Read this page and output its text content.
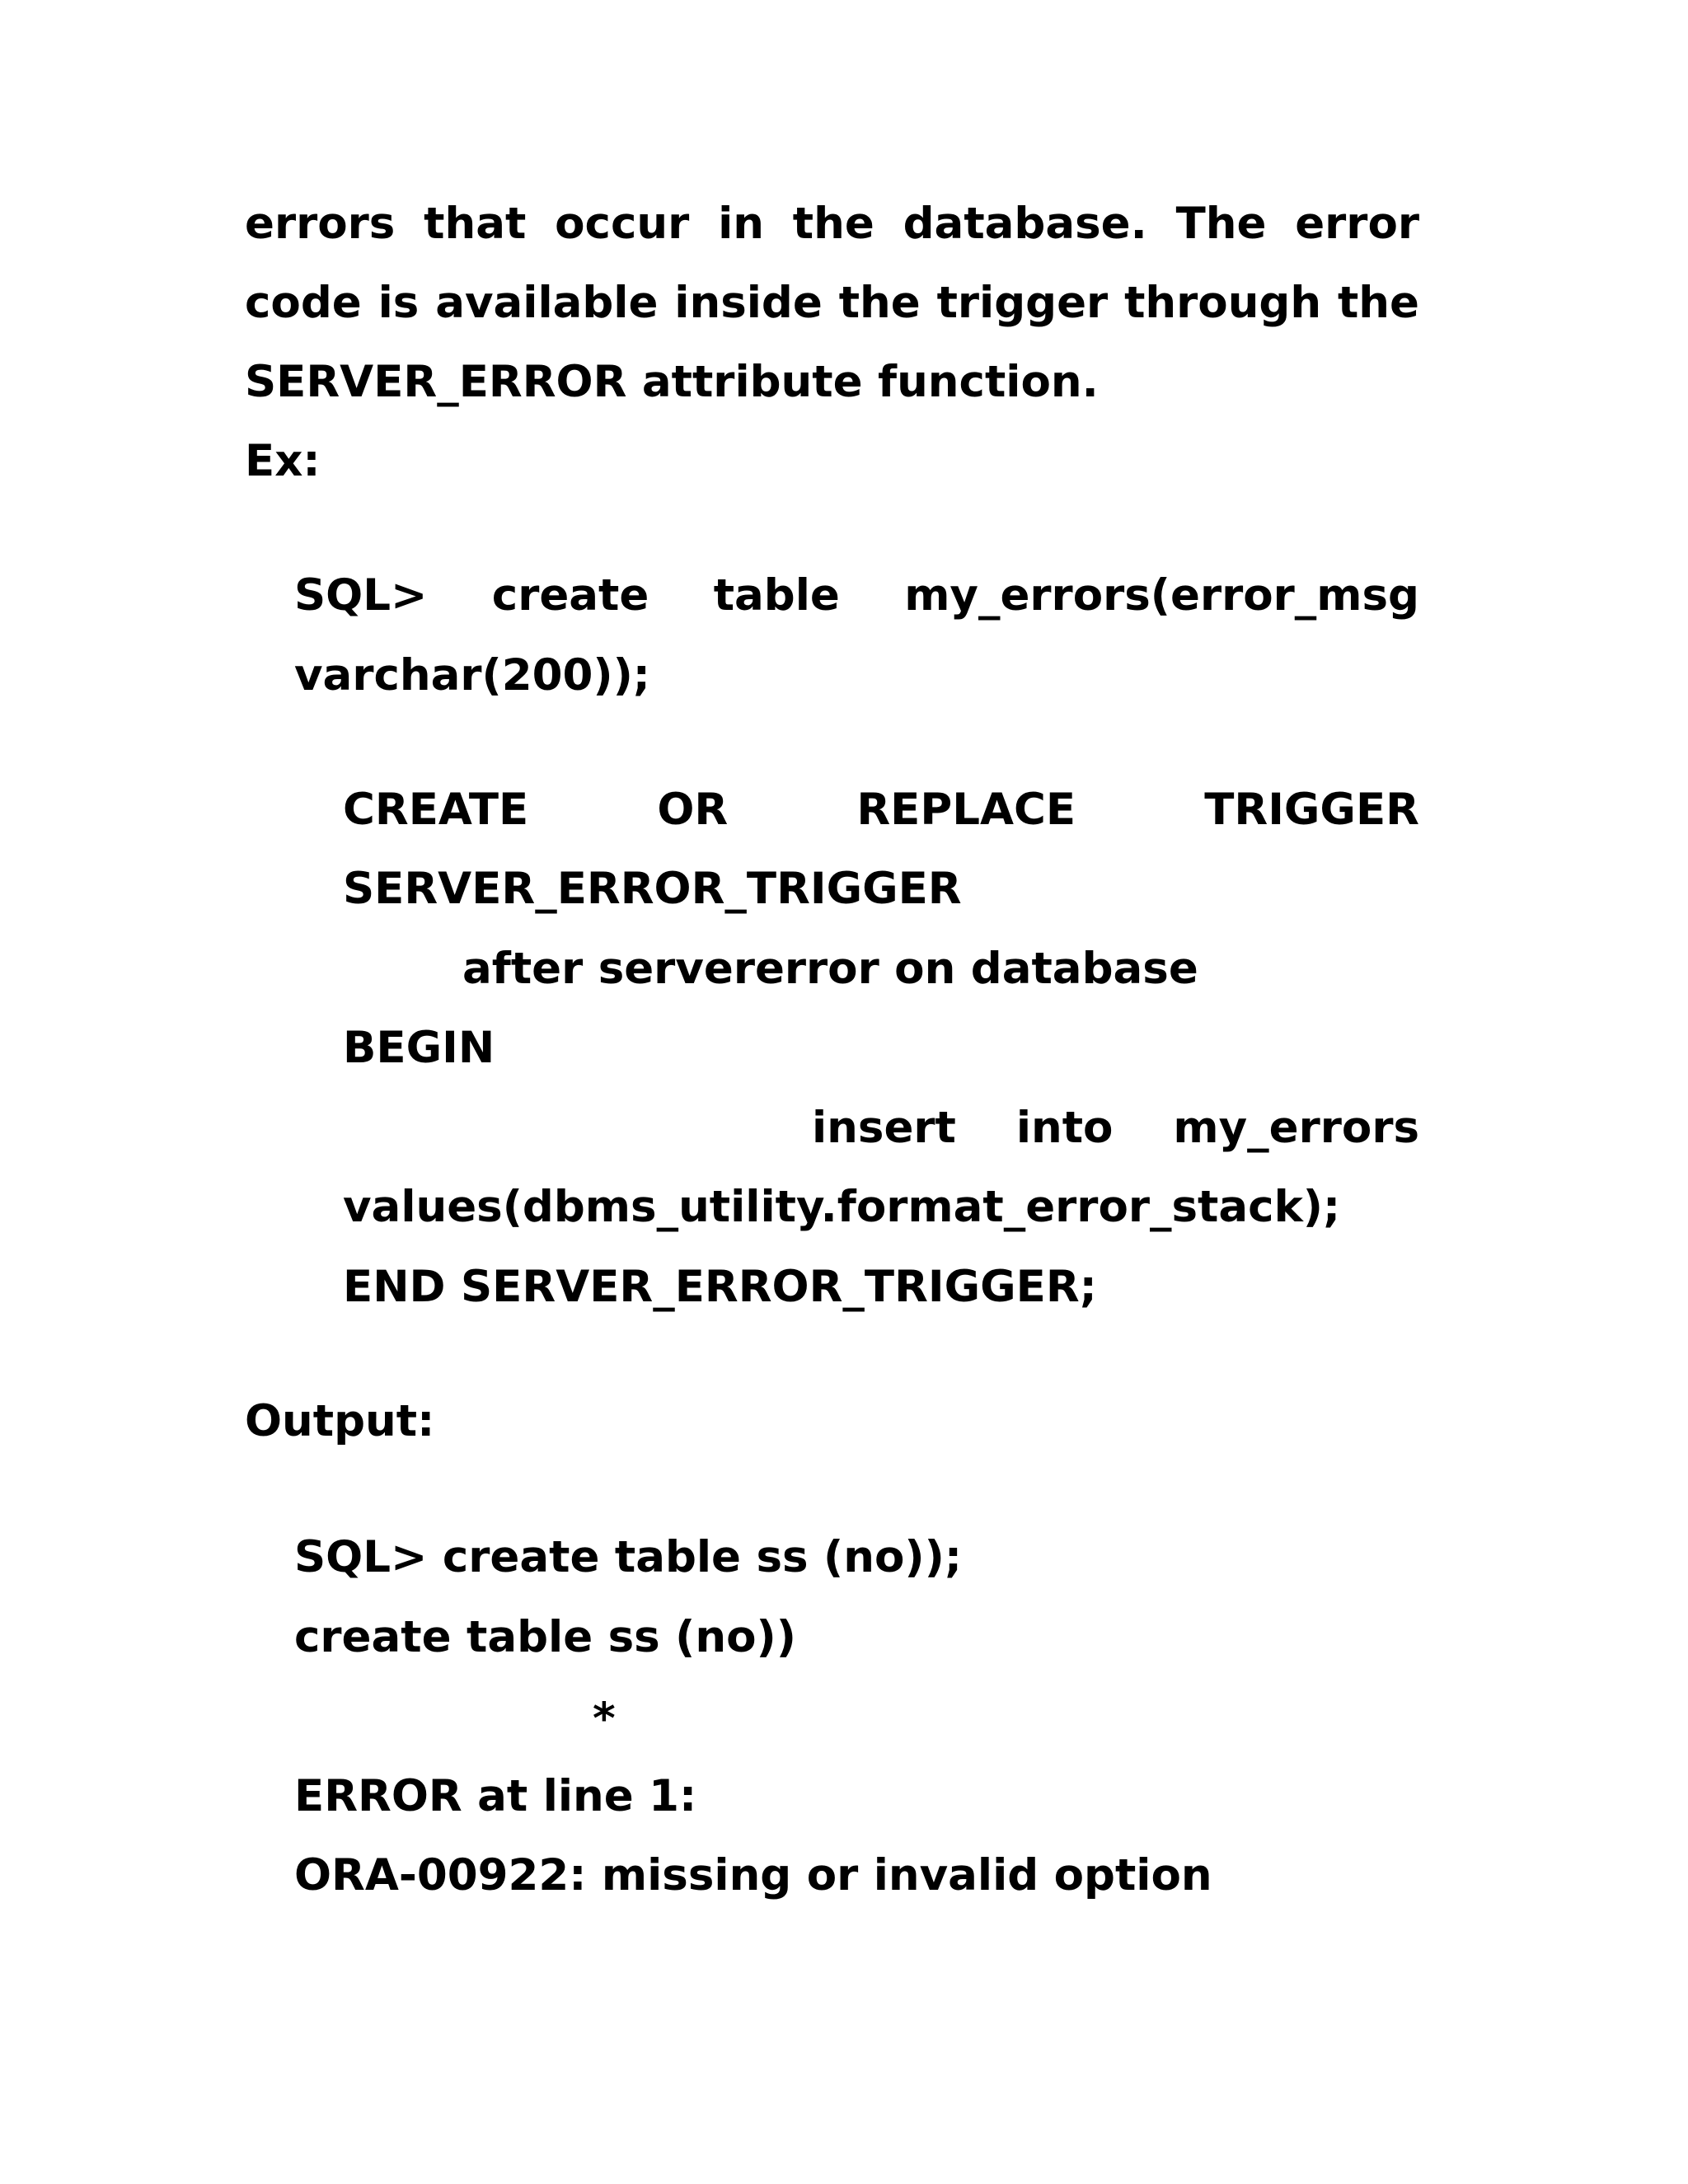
errors that occur in the database. The error
code is available inside the trigger through the
SERVER_ERROR attribute function.
Ex:
SQL> create table my_errors(error_msg
varchar(200));
CREATE	OR	REPLACE	TRIGGER
SERVER_ERROR_TRIGGER
after servererror on database
BEGIN
insert into my_errors
values(dbms_utility.format_error_stack);
END SERVER_ERROR_TRIGGER;
Output:
SQL> create table ss (no));
create table ss (no))
*
ERROR at line 1:
ORA-00922: missing or invalid option
